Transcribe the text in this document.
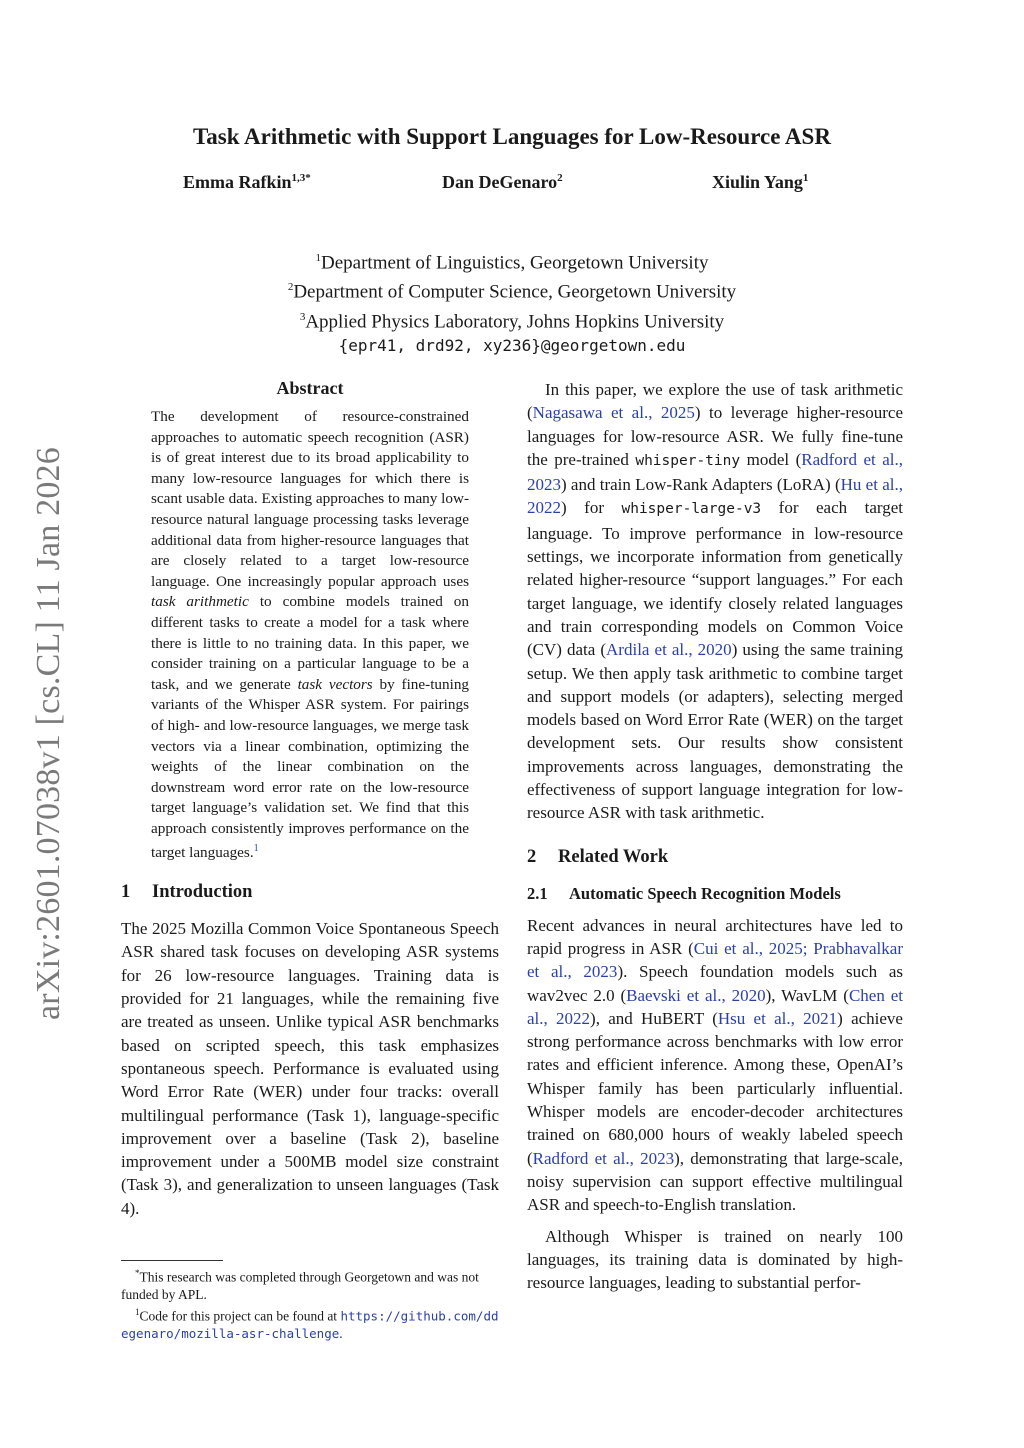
arXiv:2601.07038v1 [cs.CL] 11 Jan 2026
Task Arithmetic with Support Languages for Low-Resource ASR
Emma Rafkin$^{1,3*}$	Dan DeGenaro$^2$	Xiulin Yang$^1$
$^1$Department of Linguistics, Georgetown University
$^2$Department of Computer Science, Georgetown University
$^3$Applied Physics Laboratory, Johns Hopkins University
{epr41, drd92, xy236}@georgetown.edu
Abstract

The development of resource-constrained approaches to automatic speech recognition (ASR) is of great interest due to its broad applicability to many low-resource languages for which there is scant usable data. Existing approaches to many low-resource natural language processing tasks leverage additional data from higher-resource languages that are closely related to a target low-resource language. One increasingly popular approach uses task arithmetic to combine models trained on different tasks to create a model for a task where there is little to no training data. In this paper, we consider training on a particular language to be a task, and we generate task vectors by fine-tuning variants of the Whisper ASR system. For pairings of high- and low-resource languages, we merge task vectors via a linear combination, optimizing the weights of the linear combination on the downstream word error rate on the low-resource target language’s validation set. We find that this approach consistently improves performance on the target languages.$^1$

1 Introduction

The 2025 Mozilla Common Voice Spontaneous Speech ASR shared task focuses on developing ASR systems for 26 low-resource languages. Training data is provided for 21 languages, while the remaining five are treated as unseen. Unlike typical ASR benchmarks based on scripted speech, this task emphasizes spontaneous speech. Performance is evaluated using Word Error Rate (WER) under four tracks: overall multilingual performance (Task 1), language-specific improvement over a baseline (Task 2), baseline improvement under a 500MB model size constraint (Task 3), and generalization to unseen languages (Task 4).

*This research was completed through Georgetown and was not funded by APL.
$^1$Code for this project can be found at https://github.com/ddegenaro/mozilla-asr-challenge.

In this paper, we explore the use of task arithmetic (Nagasawa et al., 2025) to leverage higher-resource languages for low-resource ASR. We fully fine-tune the pre-trained whisper-tiny model (Radford et al., 2023) and train Low-Rank Adapters (LoRA) (Hu et al., 2022) for whisper-large-v3 for each target language. To improve performance in low-resource settings, we incorporate information from genetically related higher-resource “support languages.” For each target language, we identify closely related languages and train corresponding models on Common Voice (CV) data (Ardila et al., 2020) using the same training setup. We then apply task arithmetic to combine target and support models (or adapters), selecting merged models based on Word Error Rate (WER) on the target development sets. Our results show consistent improvements across languages, demonstrating the effectiveness of support language integration for low-resource ASR with task arithmetic.

2 Related Work
2.1 Automatic Speech Recognition Models

Recent advances in neural architectures have led to rapid progress in ASR (Cui et al., 2025; Prabhavalkar et al., 2023). Speech foundation models such as wav2vec 2.0 (Baevski et al., 2020), WavLM (Chen et al., 2022), and HuBERT (Hsu et al., 2021) achieve strong performance across benchmarks with low error rates and efficient inference. Among these, OpenAI’s Whisper family has been particularly influential. Whisper models are encoder-decoder architectures trained on 680,000 hours of weakly labeled speech (Radford et al., 2023), demonstrating that large-scale, noisy supervision can support effective multilingual ASR and speech-to-English translation.

Although Whisper is trained on nearly 100 languages, its training data is dominated by high-resource languages, leading to substantial perfor-
